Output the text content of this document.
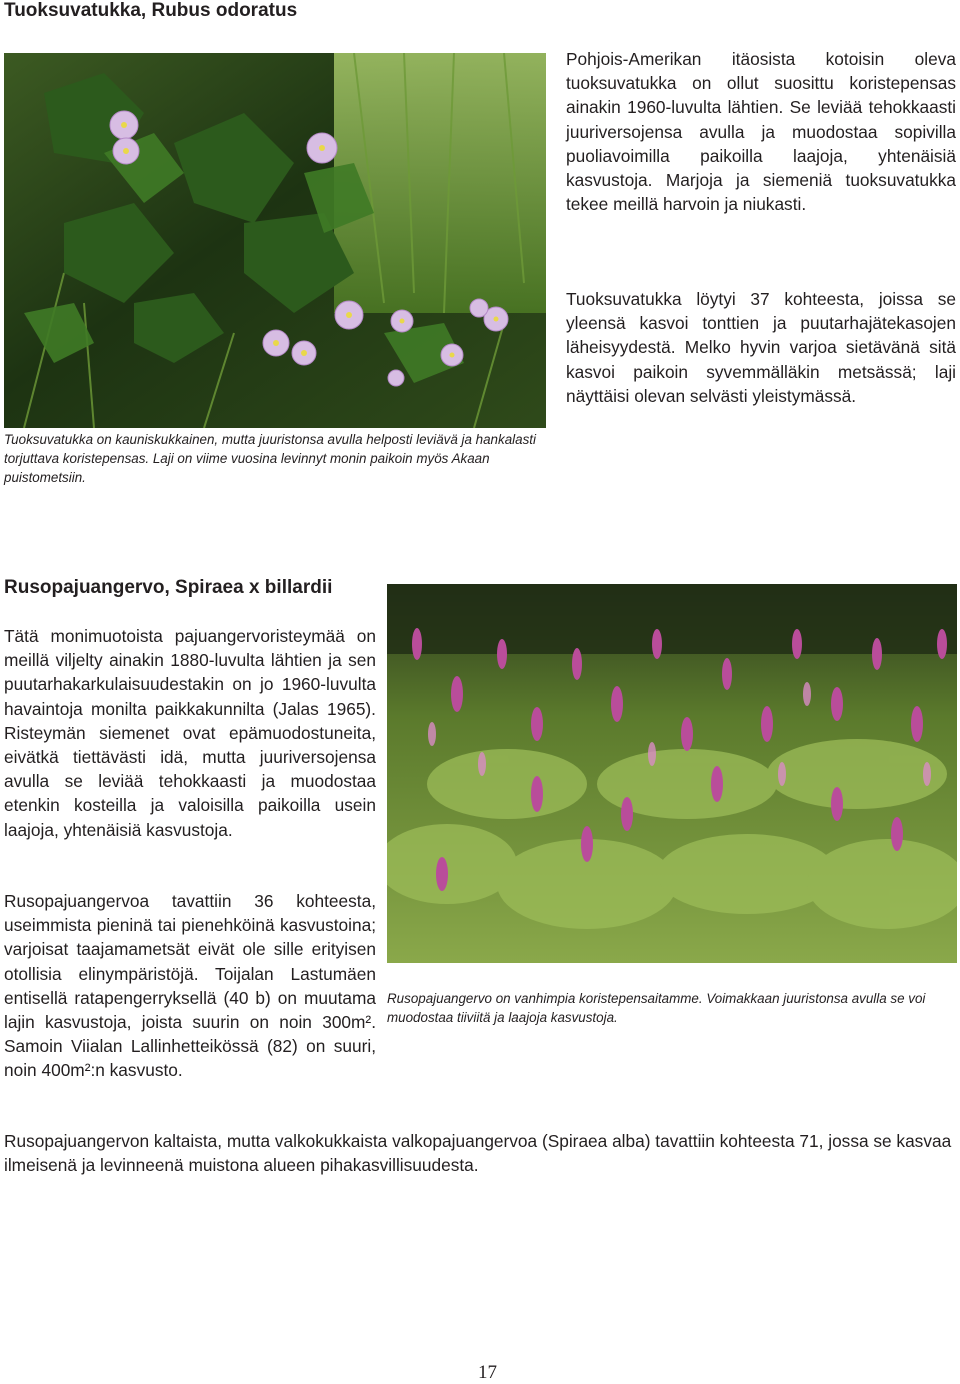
Tuoksuvatukka, Rubus odoratus

Tuoksuvatukka on kauniskukkainen, mutta juuristonsa avulla helposti leviävä ja hankalasti torjuttava koristepensas. Laji on viime vuosina levinnyt monin paikoin myös Akaan puistometsiin.

Pohjois-Amerikan itäosista kotoisin oleva tuoksuvatukka on ollut suosittu koristepensas ainakin 1960-luvulta lähtien. Se leviää tehokkaasti juuriversojensa avulla ja muodostaa sopivilla puoliavoimilla paikoilla laajoja, yhtenäisiä kasvustoja. Marjoja ja siemeniä tuoksuvatukka tekee meillä harvoin ja niukasti.

Tuoksuvatukka löytyi 37 kohteesta, joissa se yleensä kasvoi tonttien ja puutarhajätekasojen läheisyydestä. Melko hyvin varjoa sietävänä sitä kasvoi paikoin syvemmälläkin metsässä; laji näyttäisi olevan selvästi yleistymässä.

Rusopajuangervo, Spiraea x billardii

Tätä monimuotoista pajuangervoristeymää on meillä viljelty ainakin 1880-luvulta lähtien ja sen puutarhakarkulaisuudestakin on jo 1960-luvulta havaintoja monilta paikkakunnilta (Jalas 1965). Risteymän siemenet ovat epämuodostuneita, eivätkä tiettävästi idä, mutta juuriversojensa avulla se leviää tehokkaasti ja muodostaa etenkin kosteilla ja valoisilla paikoilla usein laajoja, yhtenäisiä kasvustoja.

Rusopajuangervoa tavattiin 36 kohteesta, useimmista pieninä tai pienehköinä kasvustoina; varjoisat taajamametsät eivät ole sille erityisen otollisia elinympäristöjä. Toijalan Lastumäen entisellä ratapengerryksellä (40 b) on muutama lajin kasvustoja, joista suurin on noin 300m². Samoin Viialan Lallinhetteikössä (82) on suuri, noin 400m²:n kasvusto.

Rusopajuangervo on vanhimpia koristepensaitamme. Voimakkaan juuristonsa avulla se voi muodostaa tiiviitä ja laajoja kasvustoja.

Rusopajuangervon kaltaista, mutta valkokukkaista valkopajuangervoa (Spiraea alba) tavattiin kohteesta 71, jossa se kasvaa ilmeisenä ja levinneenä muistona alueen pihakasvillisuudesta.

17
